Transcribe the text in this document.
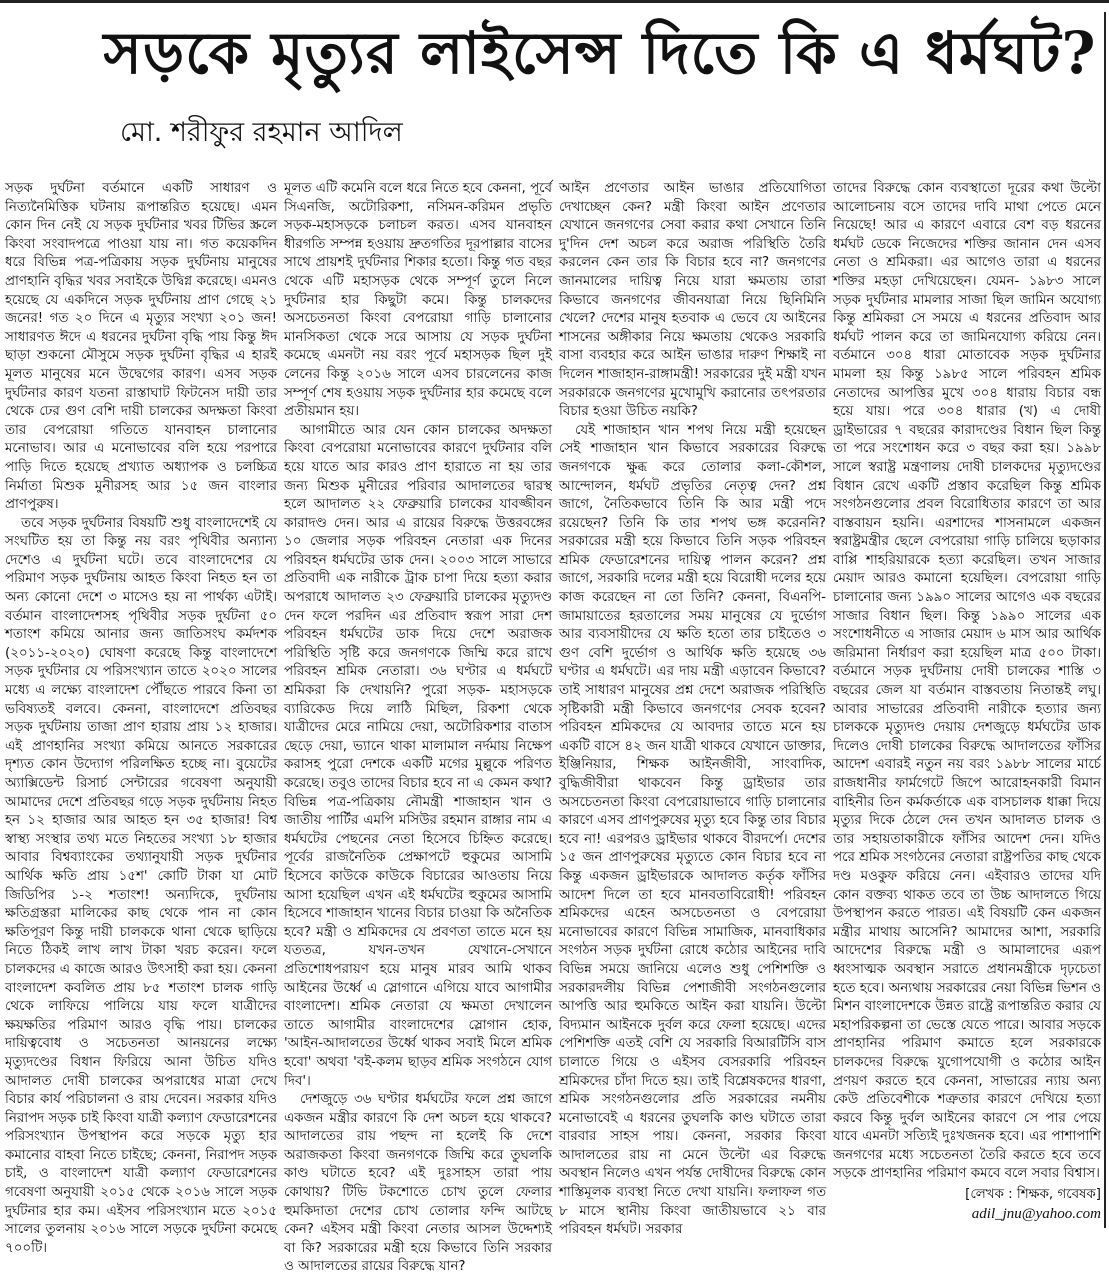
সড়কে মৃত্যুর লাইসেন্স দিতে কি এ ধর্মঘট?
মো. শরীফুর রহমান আদিল

সড়ক দুর্ঘটনা বর্তমানে একটি সাধারণ ও নিত্যনৈমিত্তিক ঘটনায় রূপান্তরিত হয়েছে। এমন কোন দিন নেই যে সড়ক দুর্ঘটনার খবর টিভির স্ক্রলে কিংবা সংবাদপত্রে পাওয়া যায় না। গত কয়েকদিন ধরে বিভিন্ন পত্র-পত্রিকায় সড়ক দুর্ঘটনায় মানুষের প্রাণহানি বৃদ্ধির খবর সবাইকে উদ্বিগ্ন করেছে। এমনও হয়েছে যে একদিনে সড়ক দুর্ঘটনায় প্রাণ গেছে ২১ জনের! গত ২০ দিনে এ মৃত্যুর সংখ্যা ২০১ জন! সাধারণত ঈদে এ ধরনের দুর্ঘটনা বৃদ্ধি পায় কিন্তু ঈদ ছাড়া শুকনো মৌসুমে সড়ক দুর্ঘটনা বৃদ্ধির এ হারই মূলত মানুষের মনে উদ্বেগের কারণ। এসব সড়ক দুর্ঘটনার কারণ যতনা রাস্তাঘাট ফিটনেস দায়ী তার থেকে ঢের গুণ বেশি দায়ী চালকের অদক্ষতা কিংবা তার বেপরোয়া গতিতে যানবাহন চালানোর মনোভাব। আর এ মনোভাবের বলি হয়ে পরপারে পাড়ি দিতে হয়েছে প্রখ্যাত অধ্যাপক ও চলচ্চিত্র নির্মাতা মিশুক মুনীরসহ আর ১৫ জন বাংলার প্রাণপুরুষ।

তবে সড়ক দুর্ঘটনার বিষয়টি শুধু বাংলাদেশেই যে সংঘটিত হয় তা কিন্তু নয় বরং পৃথিবীর অন্যান্য দেশেও এ দুর্ঘটনা ঘটে। তবে বাংলাদেশের যে পরিমাণ সড়ক দুর্ঘটনায় আহত কিংবা নিহত হন তা অন্য কোনো দেশে ৩ মাসেও হয় না পার্থক্য এটাই। বর্তমান বাংলাদেশসহ পৃথিবীর সড়ক দুর্ঘটনা ৫০ শতাংশ কমিয়ে আনার জন্য জাতিসংঘ কর্মদশক (২০১১-২০২০) ঘোষণা করেছে কিন্তু বাংলাদেশে সড়ক দুর্ঘটনার যে পরিসংখ্যান তাতে ২০২০ সালের মধ্যে এ লক্ষ্যে বাংলাদেশ পৌঁছতে পারবে কিনা তা ভবিষ্যতই বলবে। কেননা, বাংলাদেশে প্রতিবছর সড়ক দুর্ঘটনায় তাজা প্রাণ হারায় প্রায় ১২ হাজার। এই প্রাণহানির সংখ্যা কমিয়ে আনতে সরকারের দৃশ্যত কোন উদ্যোগ পরিলক্ষিত হচ্ছে না। বুয়েটের অ্যাক্সিডেন্ট রিসার্চ সেন্টারের গবেষণা অনুযায়ী আমাদের দেশে প্রতিবছর গড়ে সড়ক দুর্ঘটনায় নিহত হন ১২ হাজার আর আহত হন ৩৫ হাজার! বিশ্ব স্বাস্থ্য সংস্থার তথ্য মতে নিহতের সংখ্যা ১৮ হাজার আবার বিশ্বব্যাংকের তথ্যানুযায়ী সড়ক দুর্ঘটনার আর্থিক ক্ষতি প্রায় ১৫শ' কোটি টাকা যা মোট জিডিপির ১-২ শতাংশ! অন্যদিকে, দুর্ঘটনায় ক্ষতিগ্রস্তরা মালিকের কাছ থেকে পান না কোন ক্ষতিপূরণ কিন্তু দায়ী চালককে থানা থেকে ছাড়িয়ে নিতে ঠিকই লাখ লাখ টাকা খরচ করেন। ফলে চালকদের এ কাজে আরও উৎসাহী করা হয়। কেননা বাংলাদেশ কবলিত প্রায় ৮৫ শতাংশ চালক গাড়ি থেকে লাফিয়ে পালিয়ে যায় ফলে যাত্রীদের ক্ষয়ক্ষতির পরিমাণ আরও বৃদ্ধি পায়। চালকের দায়িত্ববোধ ও সচেতনতা আনয়নের লক্ষ্যে মৃত্যুদণ্ডের বিধান ফিরিয়ে আনা উচিত যদিও আদালত দোষী চালকের অপরাধের মাত্রা দেখে বিচার কার্য পরিচালনা ও রায় দেবেন। সরকার যদিও নিরাপদ সড়ক চাই কিংবা যাত্রী কল্যাণ ফেডারেশনের পরিসংখ্যান উপস্থাপন করে সড়কে মৃত্যু হার কমানোর বাহবা নিতে চাইছে; কেননা, নিরাপদ সড়ক চাই, ও বাংলাদেশ যাত্রী কল্যাণ ফেডারেশনের গবেষণা অনুযায়ী ২০১৫ থেকে ২০১৬ সালে সড়ক দুর্ঘটনার হার কম। এইসব পরিসংখ্যান মতে ২০১৫ সালের তুলনায় ২০১৬ সালে সড়কে দুর্ঘটনা কমেছে ৭০০টি।

মূলত এটি কমেনি বলে ধরে নিতে হবে কেননা, পূর্বে সিএনজি, অটোরিকশা, নসিমন-করিমন প্রভৃতি সড়ক-মহাসড়কে চলাচল করত। এসব যানবাহন ধীরগতি সম্পন্ন হওয়ায় দ্রুতগতির দূরপাল্লার বাসের সাথে প্রায়শই দুর্ঘটনার শিকার হতো। কিন্তু গত বছর থেকে এটি মহাসড়ক থেকে সম্পূর্ণ তুলে নিলে দুর্ঘটনার হার কিছুটা কমে। কিন্তু চালকদের অসচেতনতা কিংবা বেপরোয়া গাড়ি চালানোর মানসিকতা থেকে সরে আসায় যে সড়ক দুর্ঘটনা কমেছে এমনটা নয় বরং পূর্বে মহাসড়ক ছিল দুই লেনের কিন্তু ২০১৬ সালে এসব চারলেনের কাজ সম্পূর্ণ শেষ হওয়ায় সড়ক দুর্ঘটনার হার কমেছে বলে প্রতীয়মান হয়।

আগামীতে আর যেন কোন চালকের অদক্ষতা কিংবা বেপরোয়া মনোভাবের কারণে দুর্ঘটনার বলি হয়ে যাতে আর কারও প্রাণ হারাতে না হয় তার জন্য মিশুক মুনীরের পরিবার আদালতের দ্বারস্থ হলে আদালত ২২ ফেব্রুয়ারি চালকের যাবজ্জীবন কারাদণ্ড দেন। আর এ রায়ের বিরুদ্ধে উত্তরবঙ্গের ১০ জেলার সড়ক পরিবহন নেতারা এক দিনের পরিবহন ধর্মঘটের ডাক দেন। ২০০৩ সালে সাভারে প্রতিবাদী এক নারীকে ট্রাক চাপা দিয়ে হত্যা করার অপরাধে আদালত ২৩ ফেব্রুয়ারি চালকের মৃত্যুদণ্ড দেন ফলে পরদিন এর প্রতিবাদ স্বরূপ সারা দেশ পরিবহন ধর্মঘটের ডাক দিয়ে দেশে অরাজক পরিস্থিতি সৃষ্টি করে জনগণকে জিম্মি করে রাখে পরিবহন শ্রমিক নেতারা। ৩৬ ঘণ্টার এ ধর্মঘটে শ্রমিকরা কি দেখায়নি? পুরো সড়ক- মহাসড়কে ব্যারিকেড দিয়ে লাঠি মিছিল, রিকশা থেকে যাত্রীদের মেরে নামিয়ে দেয়া, অটোরিকশার বাতাস ছেড়ে দেয়া, ভ্যানে থাকা মালামাল নর্দমায় নিক্ষেপ করাসহ পুরো দেশকে একটি মগের মুল্লুকে পরিণত করেছে। তবুও তাদের বিচার হবে না এ কেমন কথা? বিভিন্ন পত্র-পত্রিকায় নৌমন্ত্রী শাজাহান খান ও জাতীয় পার্টির এমপি মসিউর রহমান রাঙ্গার নাম এ ধর্মঘটের পেছনের নেতা হিসেবে চিহ্নিত করেছে। পূর্বের রাজনৈতিক প্রেক্ষাপটে হুকুমের আসামি হিসেবে কাউকে কাউকে বিচারের আওতায় নিয়ে আসা হয়েছিল এখন এই ধর্মঘটের হুকুমের আসামি হিসেবে শাজাহান খানের বিচার চাওয়া কি অনৈতিক হবে? মন্ত্রী ও শ্রমিকদের যে প্রবণতা তাতে মনে হয় যততত্র, যখন-তখন যেখানে-সেখানে প্রতিশোধপরায়ণ হয়ে মানুষ মারব আমি থাকব আইনের উর্ধ্বে এ স্লোগানে এগিয়ে যাবে আগামীর বাংলাদেশ। শ্রমিক নেতারা যে ক্ষমতা দেখালেন তাতে আগামীর বাংলাদেশের স্লোগান হোক, 'আইন-আদালতের উর্ধ্বে থাকব সবাই মিলে শ্রমিক হবো' অথবা 'বই-কলম ছাড়ব শ্রমিক সংগঠনে যোগ দিব'।

দেশজুড়ে ৩৬ ঘণ্টার ধর্মঘটের ফলে প্রশ্ন জাগে একজন মন্ত্রীর কারণে কি দেশ অচল হয়ে থাকবে? আদালতের রায় পছন্দ না হলেই কি দেশে অরাজকতা কিংবা জনগণকে জিম্মি করে তুঘলকি কাণ্ড ঘটাতে হবে? এই দুঃসাহস তারা পায় কোথায়? টিভি টকশোতে চোখ তুলে ফেলার হুমকিদাতা দেশের চোখ তোলার ফন্দি আটছে কেন? এইসব মন্ত্রী কিংবা নেতার আসল উদ্দেশ্যই বা কি? সরকারের মন্ত্রী হয়ে কিভাবে তিনি সরকার ও আদালতের রায়ের বিরুদ্ধে যান?

আইন প্রণেতার আইন ভাঙার প্রতিযোগিতা দেখাচ্ছেন কেন? মন্ত্রী কিংবা আইন প্রণেতার যেখানে জনগণের সেবা করার কথা সেখানে তিনি দু'দিন দেশ অচল করে অরাজ পরিস্থিতি তৈরি করলেন কেন তার কি বিচার হবে না? জনগণের জানমালের দায়িত্ব নিয়ে যারা ক্ষমতায় তারা কিভাবে জনগণের জীবনযাত্রা নিয়ে ছিনিমিনি খেলে? দেশের মানুষ হতবাক এ ভেবে যে আইনের শাসনের অঙ্গীকার নিয়ে ক্ষমতায় থেকেও সরকারি বাসা ব্যবহার করে আইন ভাঙার দারুণ শিক্ষাই না দিলেন শাজাহান-রাঙ্গামন্ত্রী! সরকারের দুই মন্ত্রী যখন সরকারকে জনগণের মুখোমুখি করানোর তৎপরতার বিচার হওয়া উচিত নয়কি?

যেই শাজাহান খান শপথ নিয়ে মন্ত্রী হয়েছেন সেই শাজাহান খান কিভাবে সরকারের বিরুদ্ধে জনগণকে ক্ষুব্ধ করে তোলার কলা-কৌশল, আন্দোলন, ধর্মঘট প্রভৃতির নেতৃত্ব দেন? প্রশ্ন জাগে, নৈতিকভাবে তিনি কি আর মন্ত্রী পদে রয়েছেন? তিনি কি তার শপথ ভঙ্গ করেননি? সরকারের মন্ত্রী হয়ে কিভাবে তিনি সড়ক পরিবহন শ্রমিক ফেডারেশনের দায়িত্ব পালন করেন? প্রশ্ন জাগে, সরকারি দলের মন্ত্রী হয়ে বিরোধী দলের হয়ে কাজ করেছেন না তো তিনি? কেননা, বিএনপি-জামায়াতের হরতালের সময় মানুষের যে দুর্ভোগ আর ব্যবসায়ীদের যে ক্ষতি হতো তার চাইতেও ৩ গুণ বেশি দুর্ভোগ ও আর্থিক ক্ষতি হয়েছে ৩৬ ঘণ্টার এ ধর্মঘটে। এর দায় মন্ত্রী এড়াবেন কিভাবে? তাই সাধারণ মানুষের প্রশ্ন দেশে অরাজক পরিস্থিতি সৃষ্টিকারী মন্ত্রী কিভাবে জনগণের সেবক হবেন? পরিবহন শ্রমিকদের যে আবদার তাতে মনে হয় একটি বাসে ৪২ জন যাত্রী থাকবে যেখানে ডাক্তার, ইঞ্জিনিয়ার, শিক্ষক আইনজীবী, সাংবাদিক, বুদ্ধিজীবীরা থাকবেন কিন্তু ড্রাইভার তার অসচেতনতা কিংবা বেপরোয়াভাবে গাড়ি চালানোর কারণে এসব প্রাণপুরুষের মৃত্যু হবে কিন্তু তার বিচার হবে না! এরপরও ড্রাইভার থাকবে বীরদর্পে। দেশের ১৫ জন প্রাণপুরুষের মৃত্যুতে কোন বিচার হবে না কিন্তু একজন ড্রাইভারকে আদালত কর্তৃক ফাঁসির আদেশ দিলে তা হবে মানবতাবিরোধী! পরিবহন শ্রমিকদের এহেন অসচেতনতা ও বেপরোয়া মনোভাবের কারণে বিভিন্ন সামাজিক, মানবাধিকার সংগঠন সড়ক দুর্ঘটনা রোধে কঠোর আইনের দাবি বিভিন্ন সময়ে জানিয়ে এলেও শুধু পেশিশক্তি ও সরকারদলীয় বিভিন্ন পেশাজীবী সংগঠনগুলোর আপত্তি আর হুমকিতে আইন করা যায়নি। উল্টো বিদ্যমান আইনকে দুর্বল করে ফেলা হয়েছে। এদের পেশিশক্তি এতই বেশি যে সরকারি বিআরটিসি বাস চালাতে গিয়ে ও এইসব বেসরকারি পরিবহন শ্রমিকদের চাঁদা দিতে হয়। তাই বিশ্লেষকদের ধারণা, শ্রমিক সংগঠনগুলোর প্রতি সরকারের নমনীয় মনোভাবেই এ ধরনের তুঘলকি কাণ্ড ঘটাতে তারা বারবার সাহস পায়। কেননা, সরকার কিংবা আদালতের রায় না মেনে উল্টো এর বিরুদ্ধে অবস্থান নিলেও এখন পর্যন্ত দোষীদের বিরুদ্ধে কোন শাস্তিমূলক ব্যবস্থা নিতে দেখা যায়নি। ফলাফল গত ৮ মাসে স্থানীয় কিংবা জাতীয়ভাবে ২১ বার পরিবহন ধর্মঘট। সরকার

তাদের বিরুদ্ধে কোন ব্যবস্থাতো দূরের কথা উল্টো আলোচনায় বসে তাদের দাবি মাথা পেতে মেনে নিয়েছে! আর এ কারণে এবারে বেশ বড় ধরনের ধর্মঘট ডেকে নিজেদের শক্তির জানান দেন এসব নেতা ও শ্রমিকরা। এর আগেও তারা এ ধরনের শক্তির মহড়া দেখিয়েছেন। যেমন- ১৯৮৩ সালে সড়ক দুর্ঘটনার মামলার সাজা ছিল জামিন অযোগ্য কিন্তু শ্রমিকরা সে সময়ে এ ধরনের প্রতিবাদ আর ধর্মঘট পালন করে তা জামিনযোগ্য করিয়ে নেন। বর্তমানে ৩০৪ ধারা মোতাবেক সড়ক দুর্ঘটনার মামলা হয় কিন্তু ১৯৮৫ সালে পরিবহন শ্রমিক নেতাদের আপত্তির মুখে ৩০৪ ধারায় বিচার বন্ধ হয়ে যায়। পরে ৩০৪ ধারার (খ) এ দোষী ড্রাইভারের ৭ বছরের কারাদণ্ডের বিধান ছিল কিন্তু তা পরে সংশোধন করে ৩ বছর করা হয়। ১৯৯৮ সালে স্বরাষ্ট্র মন্ত্রণালয় দোষী চালকদের মৃত্যুদণ্ডের বিধান রেখে একটি প্রস্তাব করেছিল কিন্তু শ্রমিক সংগঠনগুলোর প্রবল বিরোধিতার কারণে তা আর বাস্তবায়ন হয়নি। এরশাদের শাসনামলে একজন স্বরাষ্ট্রমন্ত্রীর ছেলে বেপরোয়া গাড়ি চালিয়ে ছড়াকার বাপ্পি শাহরিয়ারকে হত্যা করেছিল। তখন সাজার মেয়াদ আরও কমানো হয়েছিল। বেপরোয়া গাড়ি চালানোর জন্য ১৯৯০ সালের আগেও এক বছরের সাজার বিধান ছিল। কিন্তু ১৯৯০ সালের এক সংশোধনীতে এ সাজার মেয়াদ ৬ মাস আর আর্থিক জরিমানা নির্ধারণ করা হয়েছিল মাত্র ৫০০ টাকা। বর্তমানে সড়ক দুর্ঘটনায় দোষী চালকের শাস্তি ৩ বছরের জেল যা বর্তমান বাস্তবতায় নিতান্তই লঘু। আবার সাভারের প্রতিবাদী নারীকে হত্যার জন্য চালককে মৃত্যুদণ্ড দেয়ায় দেশজুড়ে ধর্মঘটের ডাক দিলেও দোষী চালকের বিরুদ্ধে আদালতের ফাঁসির আদেশ এবারই নতুন নয় বরং ১৯৮৮ সালের মার্চে রাজধানীর ফার্মগেটে জিপে আরোহনকারী বিমান বাহিনীর তিন কর্মকর্তাকে এক বাসচালক ধাক্কা দিয়ে মৃত্যুর দিকে ঠেলে দেন তখন আদালত চালক ও তার সহায়তাকারীকে ফাঁসির আদেশ দেন। যদিও পরে শ্রমিক সংগঠনের নেতারা রাষ্ট্রপতির কাছ থেকে দণ্ড মওকুফ করিয়ে নেন। এইবারও তাদের যদি কোন বক্তব্য থাকত তবে তা উচ্চ আদালতে গিয়ে উপস্থাপন করতে পারত। এই বিষয়টি কেন একজন মন্ত্রীর মাথায় আসেনি? আমাদের আশা, সরকারি আদেশের বিরুদ্ধে মন্ত্রী ও আমালাদের এরূপ ধ্বংসাত্মক অবস্থান সরাতে প্রধানমন্ত্রীকে দৃঢ়চেতা হতে হবে। অন্যথায় সরকারের নেয়া বিভিন্ন ভিশন ও মিশন বাংলাদেশকে উন্নত রাষ্ট্রে রূপান্তরিত করার যে মহাপরিকল্পনা তা ভেস্তে যেতে পারে। আবার সড়কে প্রাণহানির পরিমাণ কমাতে হলে সরকারকে চালকদের বিরুদ্ধে যুগোপযোগী ও কঠোর আইন প্রণয়ণ করতে হবে কেননা, সাভারের ন্যায় অন্য কেউ প্রতিবেশীকে শত্রুতার কারণে দেখিয়ে হত্যা করবে কিন্তু দুর্বল আইনের কারণে সে পার পেয়ে যাবে এমনটা সত্যিই দুঃখজনক হবে। এর পাশাপাশি জনগণের মধ্যে সচেতনতা তৈরি করতে হবে তবে সড়কে প্রাণহানির পরিমাণ কমবে বলে সবার বিশ্বাস।

[লেখক : শিক্ষক, গবেষক]
adil_jnu@yahoo.com
